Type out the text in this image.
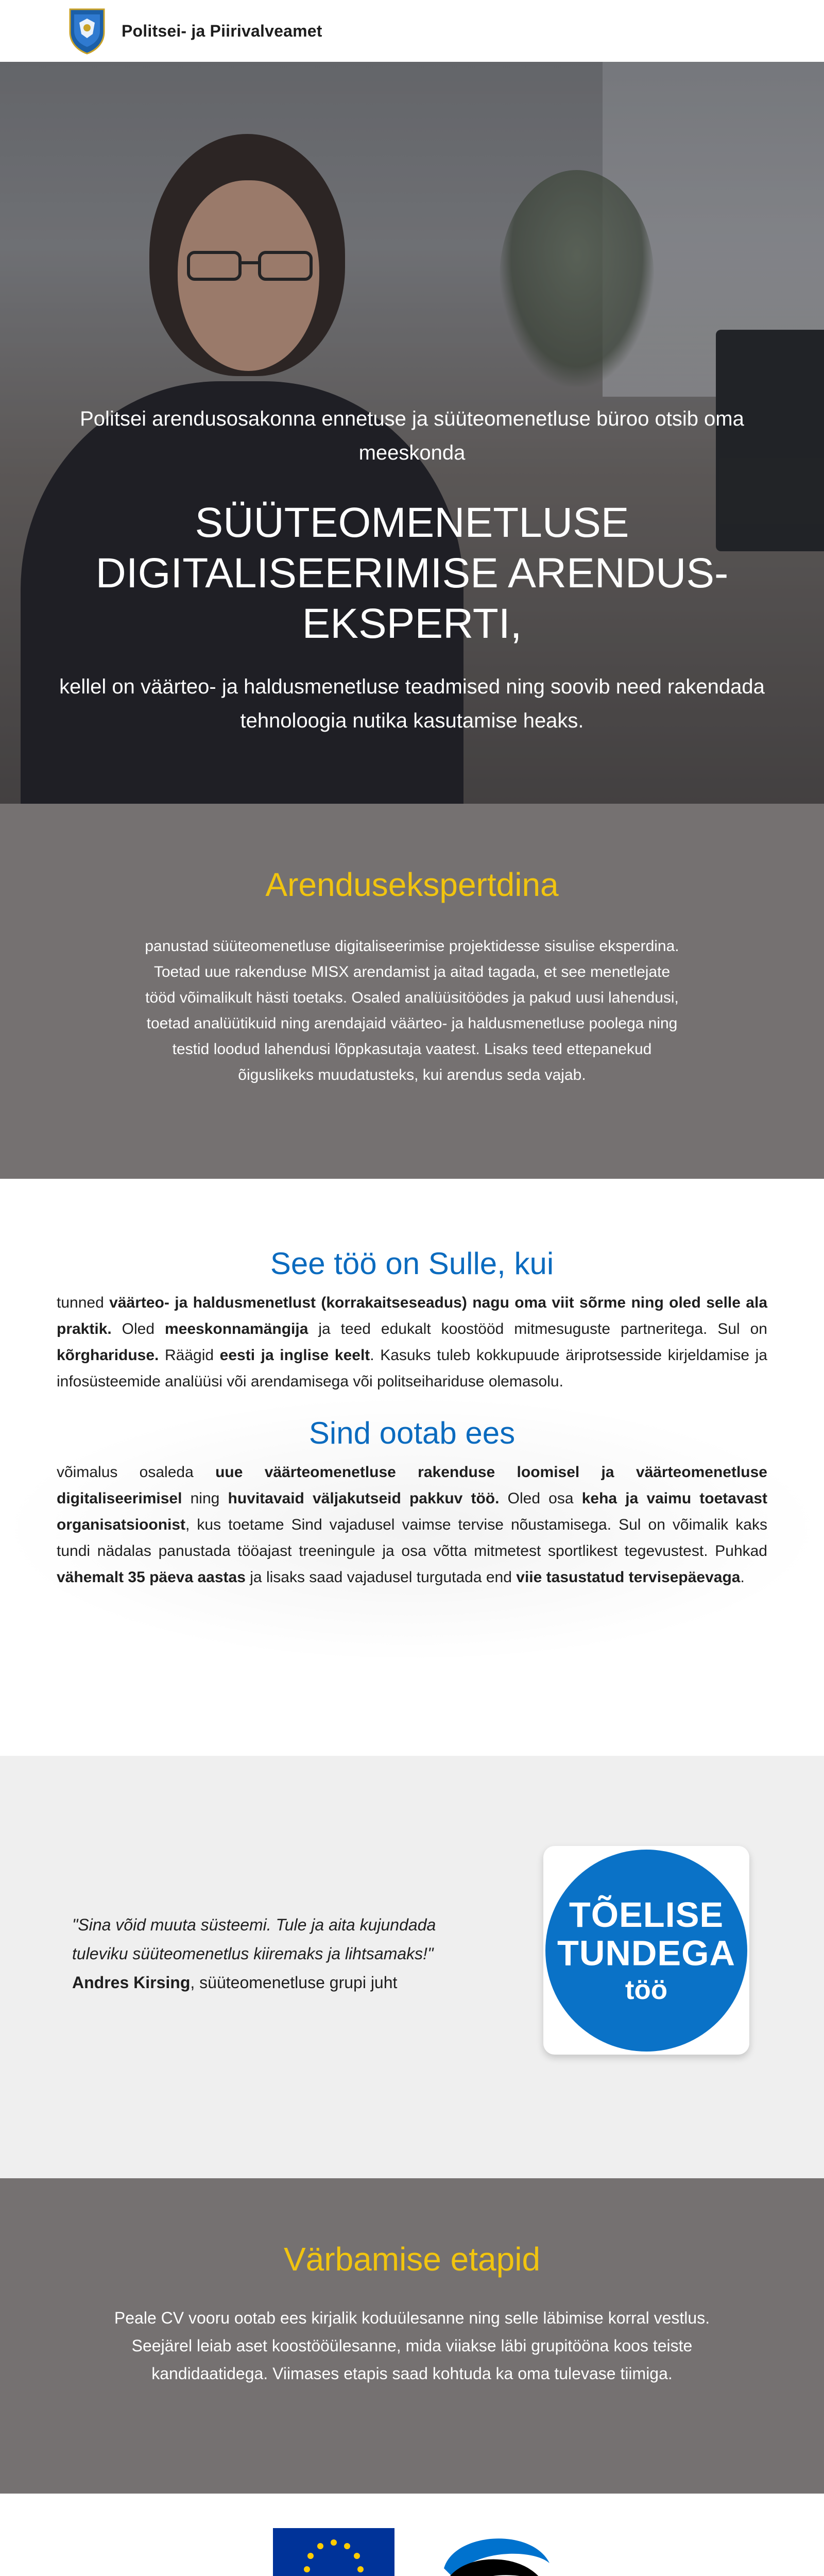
Politsei- ja Piirivalveamet

Politsei arendusosakonna ennetuse ja süüteomenetluse büroo otsib oma meeskonda

SÜÜTEOMENETLUSE DIGITALISEERIMISE ARENDUS-EKSPERTI,

kellel on väärteo- ja haldusmenetluse teadmised ning soovib need rakendada tehnoloogia nutika kasutamise heaks.

Arendusekspertdina

panustad süüteomenetluse digitaliseerimise projektidesse sisulise eksperdina. Toetad uue rakenduse MISX arendamist ja aitad tagada, et see menetlejate tööd võimalikult hästi toetaks. Osaled analüüsitöödes ja pakud uusi lahendusi, toetad analüütikuid ning arendajaid väärteo- ja haldusmenetluse poolega ning testid loodud lahendusi lõppkasutaja vaatest. Lisaks teed ettepanekud õiguslikeks muudatusteks, kui arendus seda vajab.

See töö on Sulle, kui

tunned väärteo- ja haldusmenetlust (korrakaitseseadus) nagu oma viit sõrme ning oled selle ala praktik. Oled meeskonnamängija ja teed edukalt koostööd mitmesuguste partneritega. Sul on kõrghariduse. Räägid eesti ja inglise keelt. Kasuks tuleb kokkupuude äriprotsesside kirjeldamise ja infosüsteemide analüüsi või arendamisega või politseihariduse olemasolu.

Sind ootab ees

võimalus osaleda uue väärteomenetluse rakenduse loomisel ja väärteomenetluse digitaliseerimisel ning huvitavaid väljakutseid pakkuv töö. Oled osa keha ja vaimu toetavast organisatsioonist, kus toetame Sind vajadusel vaimse tervise nõustamisega. Sul on võimalik kaks tundi nädalas panustada tööajast treeningule ja osa võtta mitmetest sportlikest tegevustest. Puhkad vähemalt 35 päeva aastas ja lisaks saad vajadusel turgutada end viie tasustatud tervisepäevaga.

"Sina võid muuta süsteemi. Tule ja aita kujundada tuleviku süüteomenetlus kiiremaks ja lihtsamaks!"
Andres Kirsing, süüteomenetluse grupi juht
TÕELISE
TUNDEGA
töö
Värbamise etapid

Peale CV vooru ootab ees kirjalik koduülesanne ning selle läbimise korral vestlus. Seejärel leiab aset koostööülesanne, mida viiakse läbi grupitööna koos teiste kandidaatidega. Viimases etapis saad kohtuda ka oma tulevase tiimiga.
